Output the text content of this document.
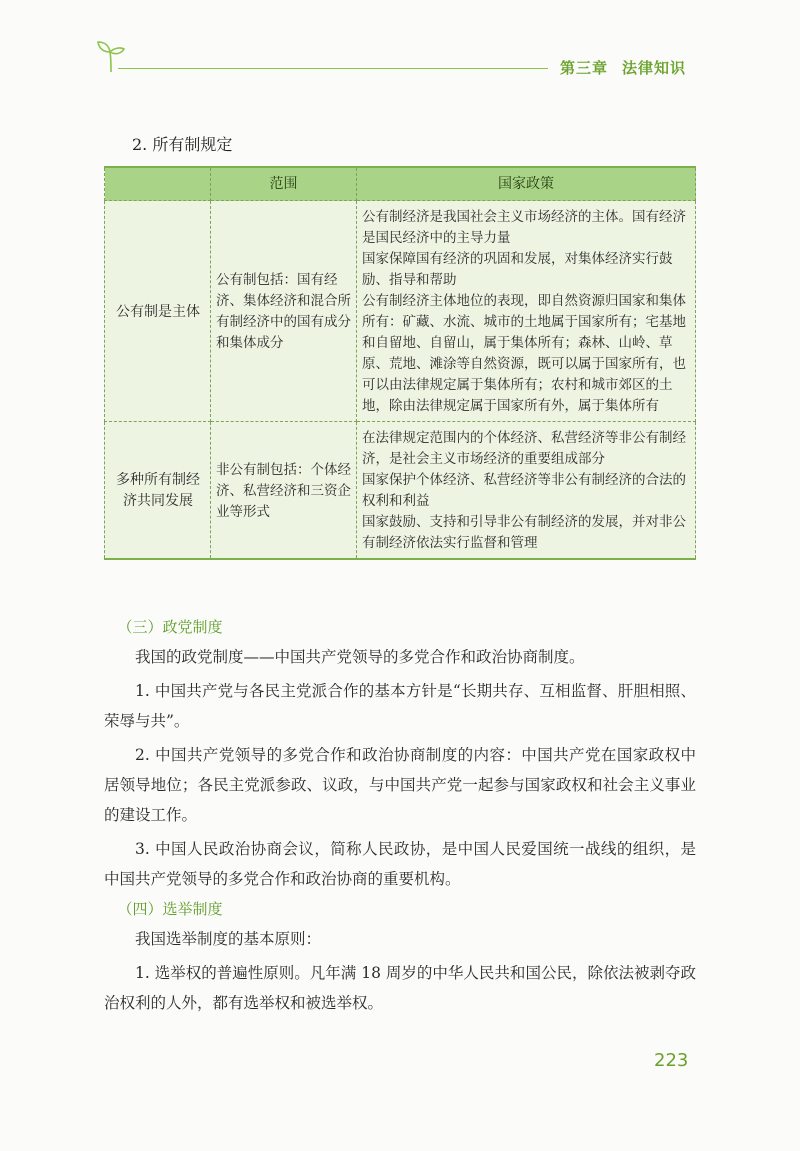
第三章 法律知识
2. 所有制规定
	范围	国家政策
公有制是主体	公有制包括：国有经济、集体经济和混合所有制经济中的国有成分和集体成分	公有制经济是我国社会主义市场经济的主体。国有经济是国民经济中的主导力量

国家保障国有经济的巩固和发展，对集体经济实行鼓励、指导和帮助

公有制经济主体地位的表现，即自然资源归国家和集体所有：矿藏、水流、城市的土地属于国家所有；宅基地和自留地、自留山，属于集体所有；森林、山岭、草原、荒地、滩涂等自然资源，既可以属于国家所有，也可以由法律规定属于集体所有；农村和城市郊区的土地，除由法律规定属于国家所有外，属于集体所有

多种所有制经济共同发展	非公有制包括：个体经济、私营经济和三资企业等形式	在法律规定范围内的个体经济、私营经济等非公有制经济，是社会主义市场经济的重要组成部分

国家保护个体经济、私营经济等非公有制经济的合法的权利和利益

国家鼓励、支持和引导非公有制经济的发展，并对非公有制经济依法实行监督和管理

（三）政党制度

我国的政党制度——中国共产党领导的多党合作和政治协商制度。

1. 中国共产党与各民主党派合作的基本方针是“长期共存、互相监督、肝胆相照、荣辱与共”。

2. 中国共产党领导的多党合作和政治协商制度的内容：中国共产党在国家政权中居领导地位；各民主党派参政、议政，与中国共产党一起参与国家政权和社会主义事业的建设工作。

3. 中国人民政治协商会议，简称人民政协，是中国人民爱国统一战线的组织，是中国共产党领导的多党合作和政治协商的重要机构。

（四）选举制度

我国选举制度的基本原则：

1. 选举权的普遍性原则。凡年满 18 周岁的中华人民共和国公民，除依法被剥夺政治权利的人外，都有选举权和被选举权。

223
